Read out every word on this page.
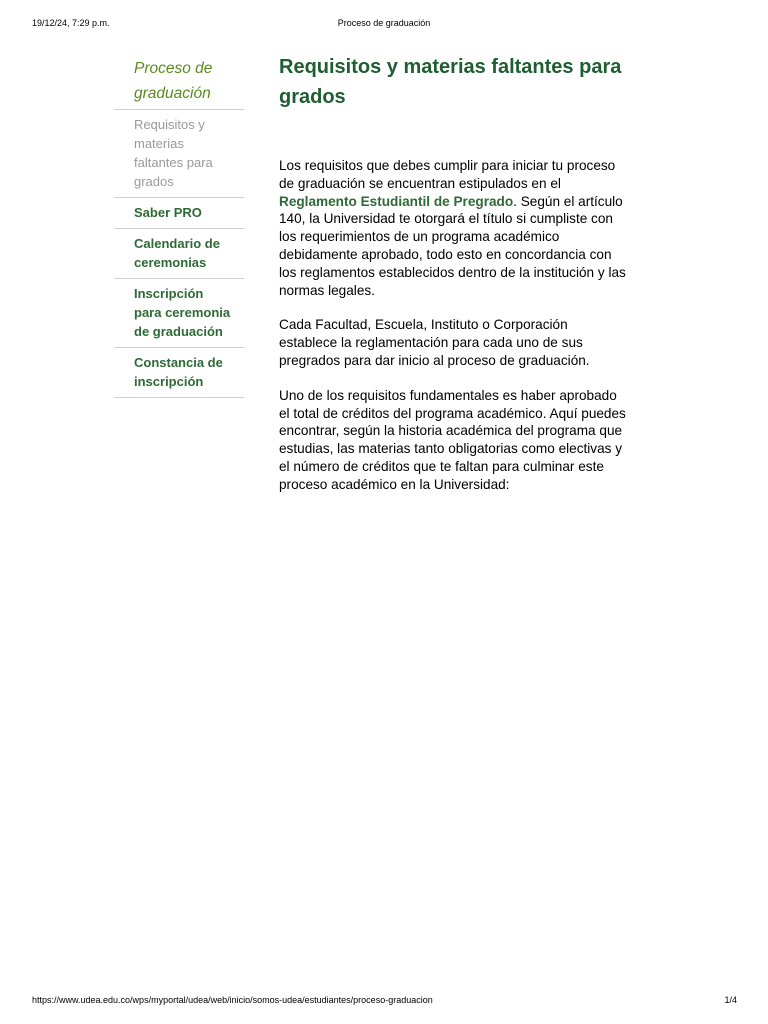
19/12/24, 7:29 p.m.	Proceso de graduación
Proceso de graduación
Requisitos y materias faltantes para grados
Saber PRO
Calendario de ceremonias
Inscripción para ceremonia de graduación
Constancia de inscripción
Requisitos y materias faltantes para grados

Los requisitos que debes cumplir para iniciar tu proceso de graduación se encuentran estipulados en el Reglamento Estudiantil de Pregrado. Según el artículo 140, la Universidad te otorgará el título si cumpliste con los requerimientos de un programa académico debidamente aprobado, todo esto en concordancia con los reglamentos establecidos dentro de la institución y las normas legales.

Cada Facultad, Escuela, Instituto o Corporación establece la reglamentación para cada uno de sus pregrados para dar inicio al proceso de graduación.

Uno de los requisitos fundamentales es haber aprobado el total de créditos del programa académico. Aquí puedes encontrar, según la historia académica del programa que estudias, las materias tanto obligatorias como electivas y el número de créditos que te faltan para culminar este proceso académico en la Universidad:

https://www.udea.edu.co/wps/myportal/udea/web/inicio/somos-udea/estudiantes/proceso-graduacion	1/4
